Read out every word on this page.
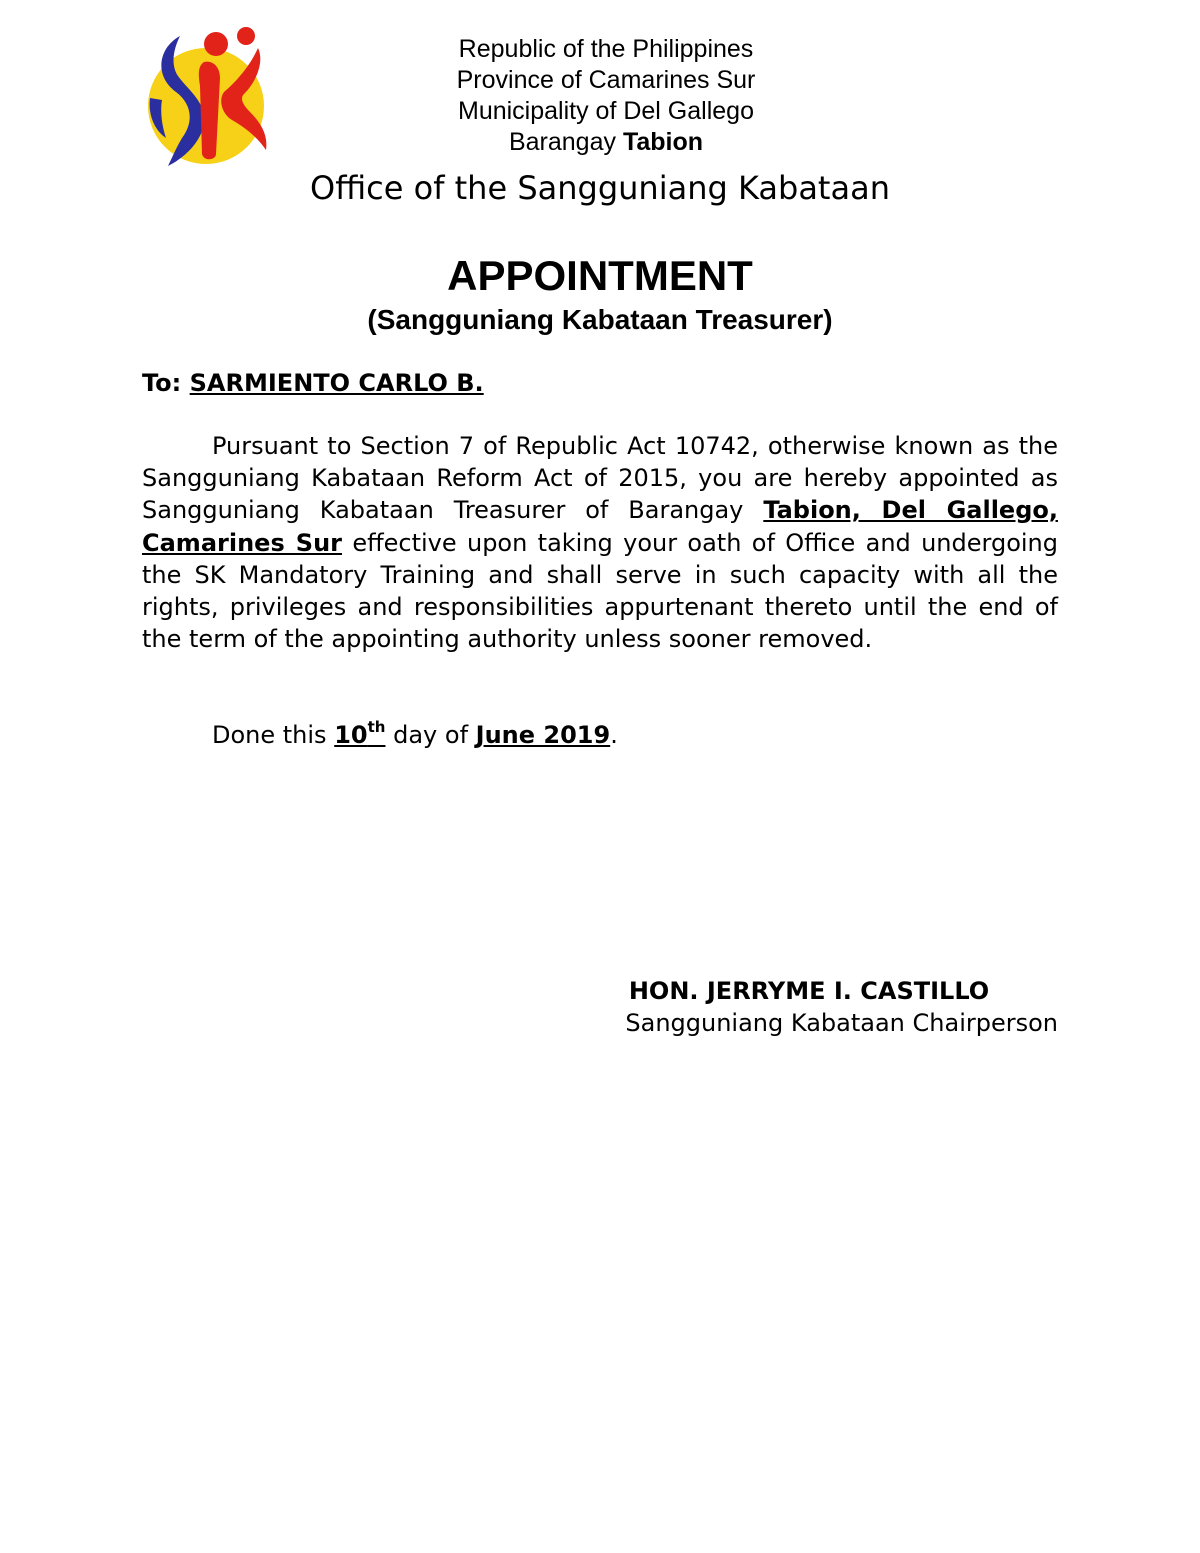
Republic of the Philippines
Province of Camarines Sur
Municipality of Del Gallego
Barangay Tabion
Office of the Sangguniang Kabataan
APPOINTMENT
(Sangguniang Kabataan Treasurer)
To: SARMIENTO CARLO B.

Pursuant to Section 7 of Republic Act 10742, otherwise known as the Sangguniang Kabataan Reform Act of 2015, you are hereby appointed as Sangguniang Kabataan Treasurer of Barangay Tabion, Del Gallego, Camarines Sur effective upon taking your oath of Office and undergoing the SK Mandatory Training and shall serve in such capacity with all the rights, privileges and responsibilities appurtenant thereto until the end of the term of the appointing authority unless sooner removed.

Done this 10th day of June 2019.
HON. JERRYME I. CASTILLO
Sangguniang Kabataan Chairperson
